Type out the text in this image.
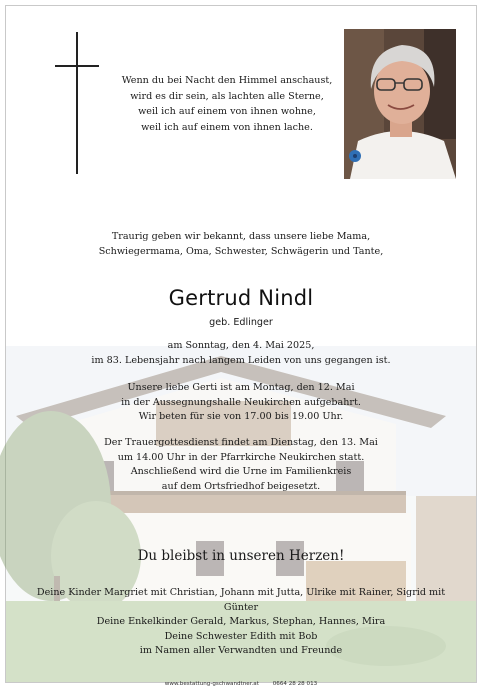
Wenn du bei Nacht den Himmel anschaust,
wird es dir sein, als lachten alle Sterne,
weil ich auf einem von ihnen wohne,
weil ich auf einem von ihnen lache.
Traurig geben wir bekannt, dass unsere liebe Mama,
Schwiegermama, Oma, Schwester, Schwägerin und Tante,
Gertrud Nindl
geb. Edlinger
am Sonntag, den 4. Mai 2025,
im 83. Lebensjahr nach langem Leiden von uns gegangen ist.
Unsere liebe Gerti ist am Montag, den 12. Mai
in der Aussegnungshalle Neukirchen aufgebahrt.
Wir beten für sie von 17.00 bis 19.00 Uhr.
Der Trauergottesdienst findet am Dienstag, den 13. Mai
um 14.00 Uhr in der Pfarrkirche Neukirchen statt.
Anschließend wird die Urne im Familienkreis
auf dem Ortsfriedhof beigesetzt.
Du bleibst in unseren Herzen!
Deine Kinder Margriet mit Christian, Johann mit Jutta, Ulrike mit Rainer, Sigrid mit Günter
Deine Enkelkinder Gerald, Markus, Stephan, Hannes, Mira
Deine Schwester Edith mit Bob
im Namen aller Verwandten und Freunde
www.bestattung-gschwandtner.at 0664 28 28 013
